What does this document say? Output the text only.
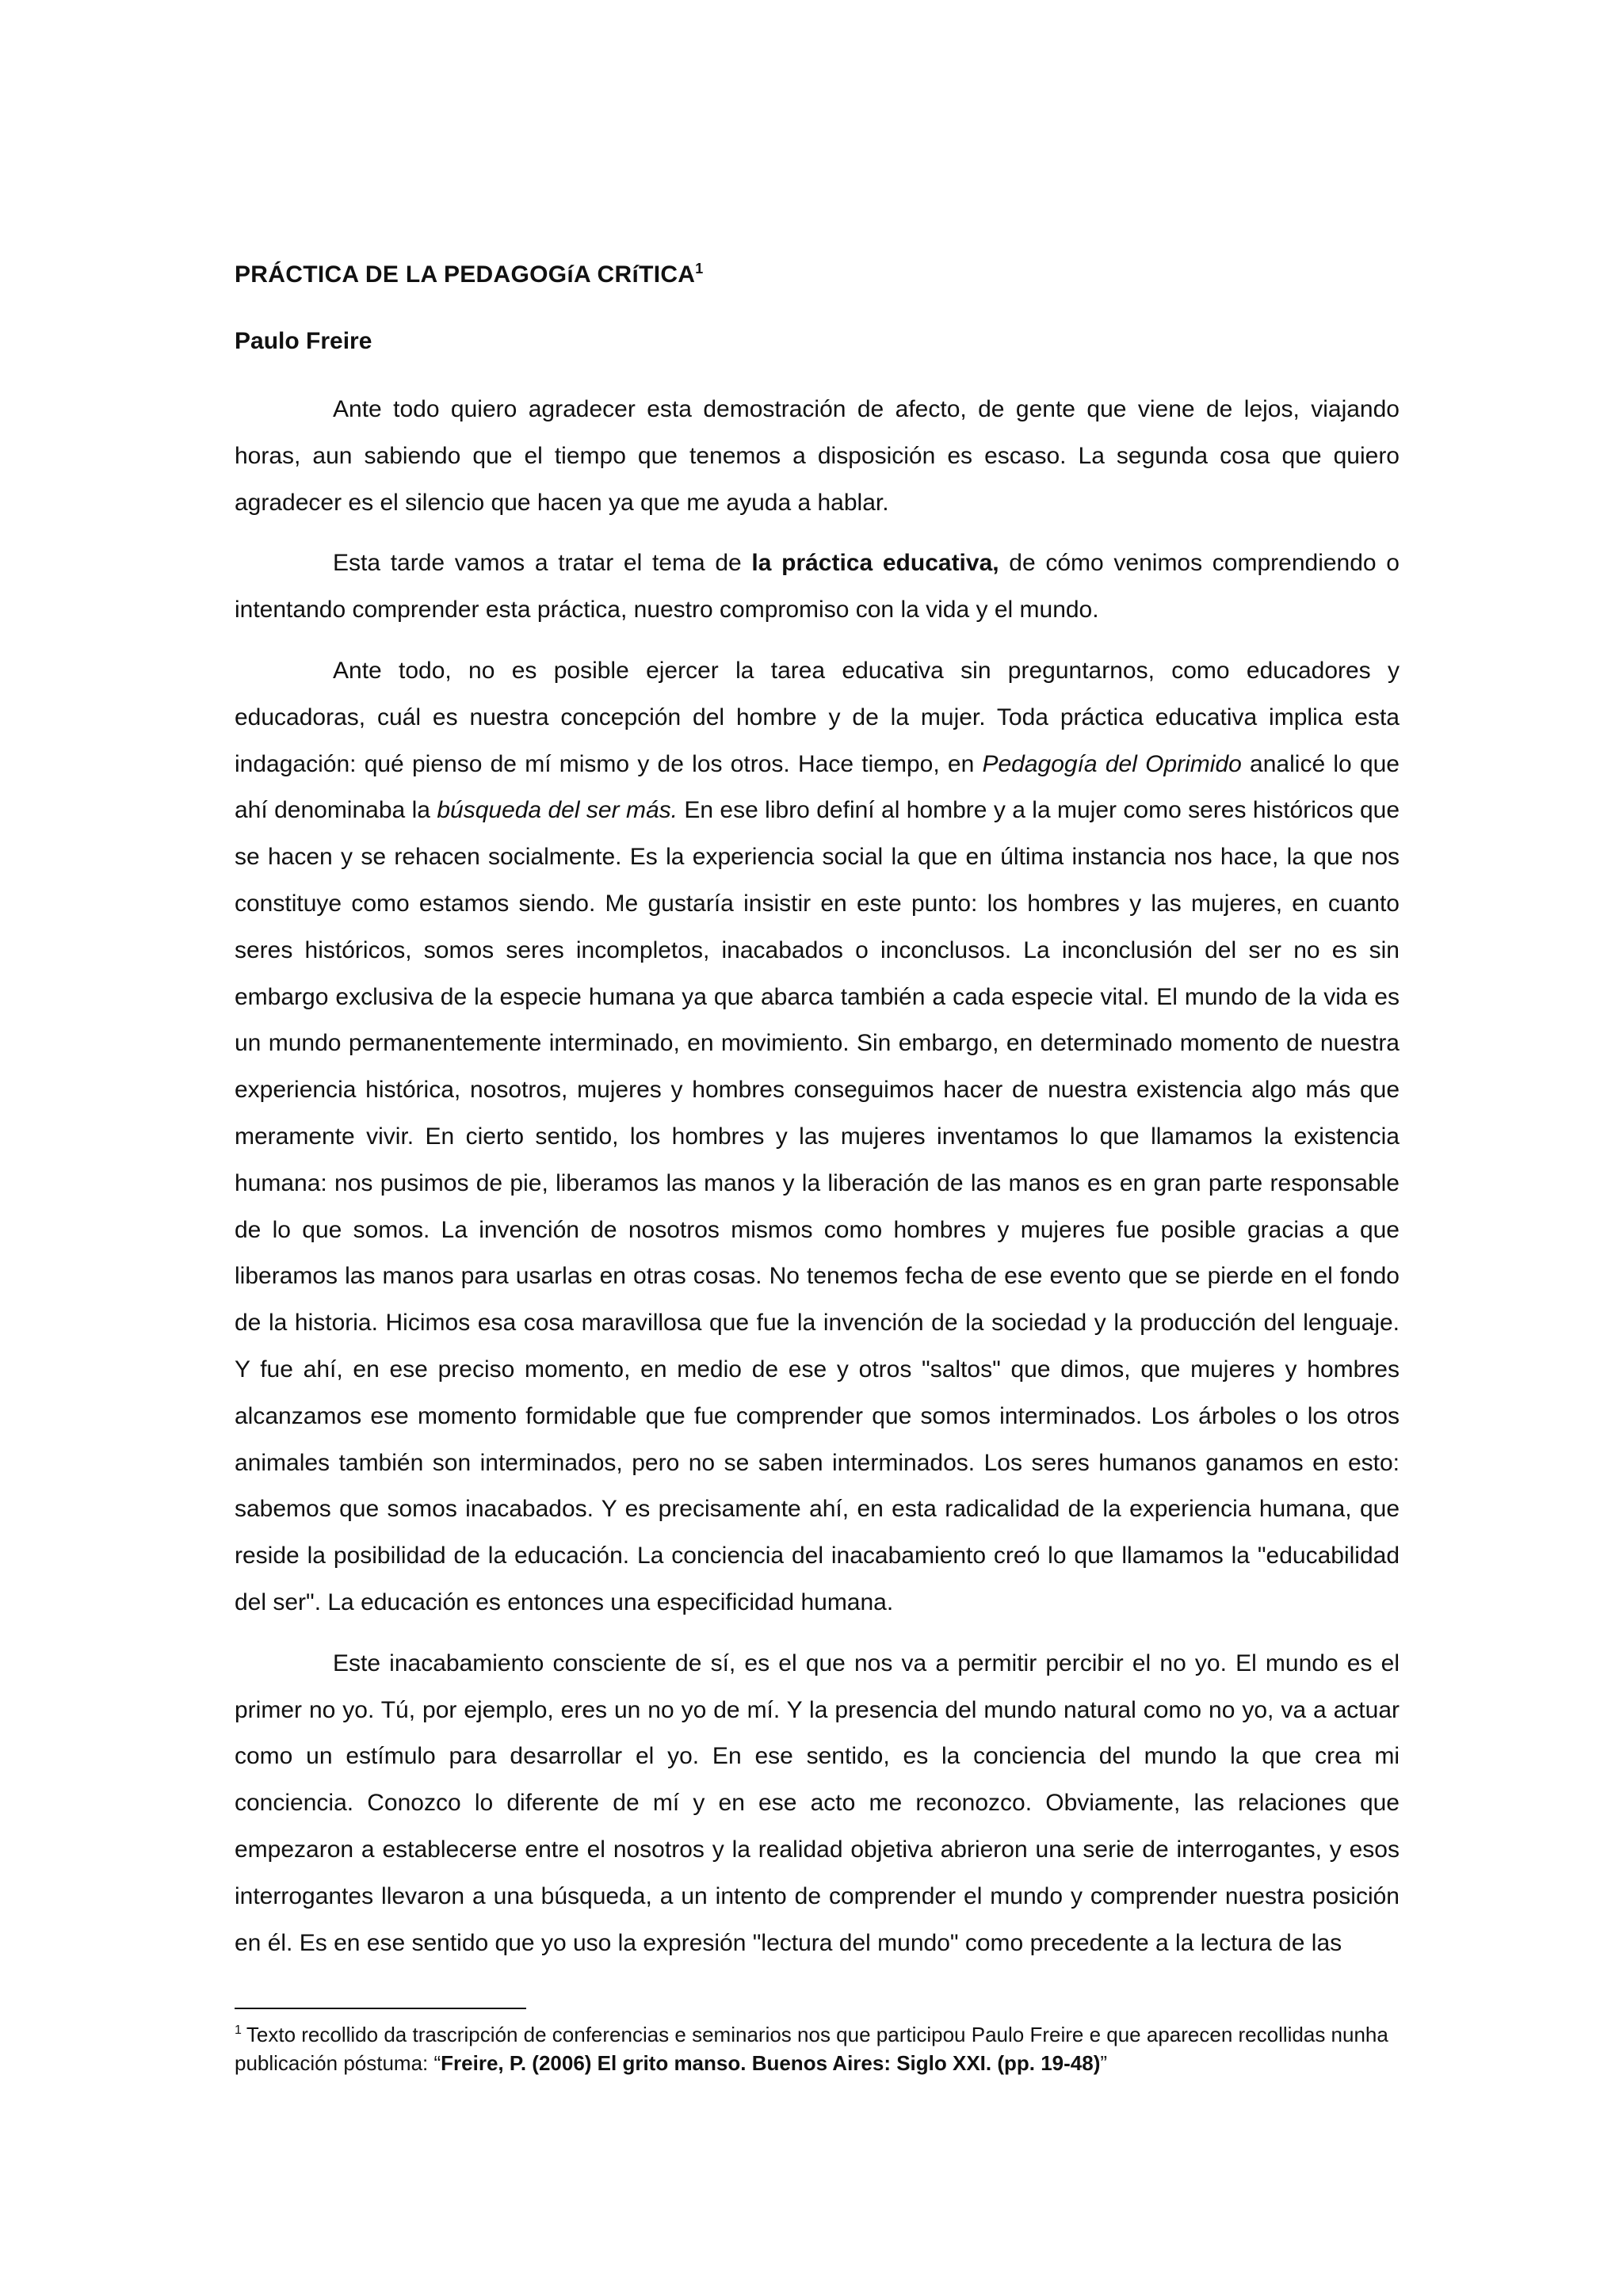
PRÁCTICA DE LA PEDAGOGíA CRíTICA$^1$
Paulo Freire

Ante todo quiero agradecer esta demostración de afecto, de gente que viene de lejos, viajando horas, aun sabiendo que el tiempo que tenemos a disposición es escaso. La segunda cosa que quiero agradecer es el silencio que hacen ya que me ayuda a hablar.

Esta tarde vamos a tratar el tema de la práctica educativa, de cómo venimos comprendiendo o intentando comprender esta práctica, nuestro compromiso con la vida y el mundo.

Ante todo, no es posible ejercer la tarea educativa sin preguntarnos, como educadores y educadoras, cuál es nuestra concepción del hombre y de la mujer. Toda práctica educativa implica esta indagación: qué pienso de mí mismo y de los otros. Hace tiempo, en Pedagogía del Oprimido analicé lo que ahí denominaba la búsqueda del ser más. En ese libro definí al hombre y a la mujer como seres históricos que se hacen y se rehacen socialmente. Es la experiencia social la que en última instancia nos hace, la que nos constituye como estamos siendo. Me gustaría insistir en este punto: los hombres y las mujeres, en cuanto seres históricos, somos seres incompletos, inacabados o inconclusos. La inconclusión del ser no es sin embargo exclusiva de la especie humana ya que abarca también a cada especie vital. El mundo de la vida es un mundo permanentemente interminado, en movimiento. Sin embargo, en determinado momento de nuestra experiencia histórica, nosotros, mujeres y hombres conseguimos hacer de nuestra existencia algo más que meramente vivir. En cierto sentido, los hombres y las mujeres inventamos lo que llamamos la existencia humana: nos pusimos de pie, liberamos las manos y la liberación de las manos es en gran parte responsable de lo que somos. La invención de nosotros mismos como hombres y mujeres fue posible gracias a que liberamos las manos para usarlas en otras cosas. No tenemos fecha de ese evento que se pierde en el fondo de la historia. Hicimos esa cosa maravillosa que fue la invención de la sociedad y la producción del lenguaje. Y fue ahí, en ese preciso momento, en medio de ese y otros "saltos" que dimos, que mujeres y hombres alcanzamos ese momento formidable que fue comprender que somos interminados. Los árboles o los otros animales también son interminados, pero no se saben interminados. Los seres humanos ganamos en esto: sabemos que somos inacabados. Y es precisamente ahí, en esta radicalidad de la experiencia humana, que reside la posibilidad de la educación. La conciencia del inacabamiento creó lo que llamamos la "educabilidad del ser". La educación es entonces una especificidad humana.

Este inacabamiento consciente de sí, es el que nos va a permitir percibir el no yo. El mundo es el primer no yo. Tú, por ejemplo, eres un no yo de mí. Y la presencia del mundo natural como no yo, va a actuar como un estímulo para desarrollar el yo. En ese sentido, es la conciencia del mundo la que crea mi conciencia. Conozco lo diferente de mí y en ese acto me reconozco. Obviamente, las relaciones que empezaron a establecerse entre el nosotros y la realidad objetiva abrieron una serie de interrogantes, y esos interrogantes llevaron a una búsqueda, a un intento de comprender el mundo y comprender nuestra posición en él. Es en ese sentido que yo uso la expresión "lectura del mundo" como precedente a la lectura de las

$^1$ Texto recollido da trascripción de conferencias e seminarios nos que participou Paulo Freire e que aparecen recollidas nunha publicación póstuma: “Freire, P. (2006) El grito manso. Buenos Aires: Siglo XXI. (pp. 19-48)”
